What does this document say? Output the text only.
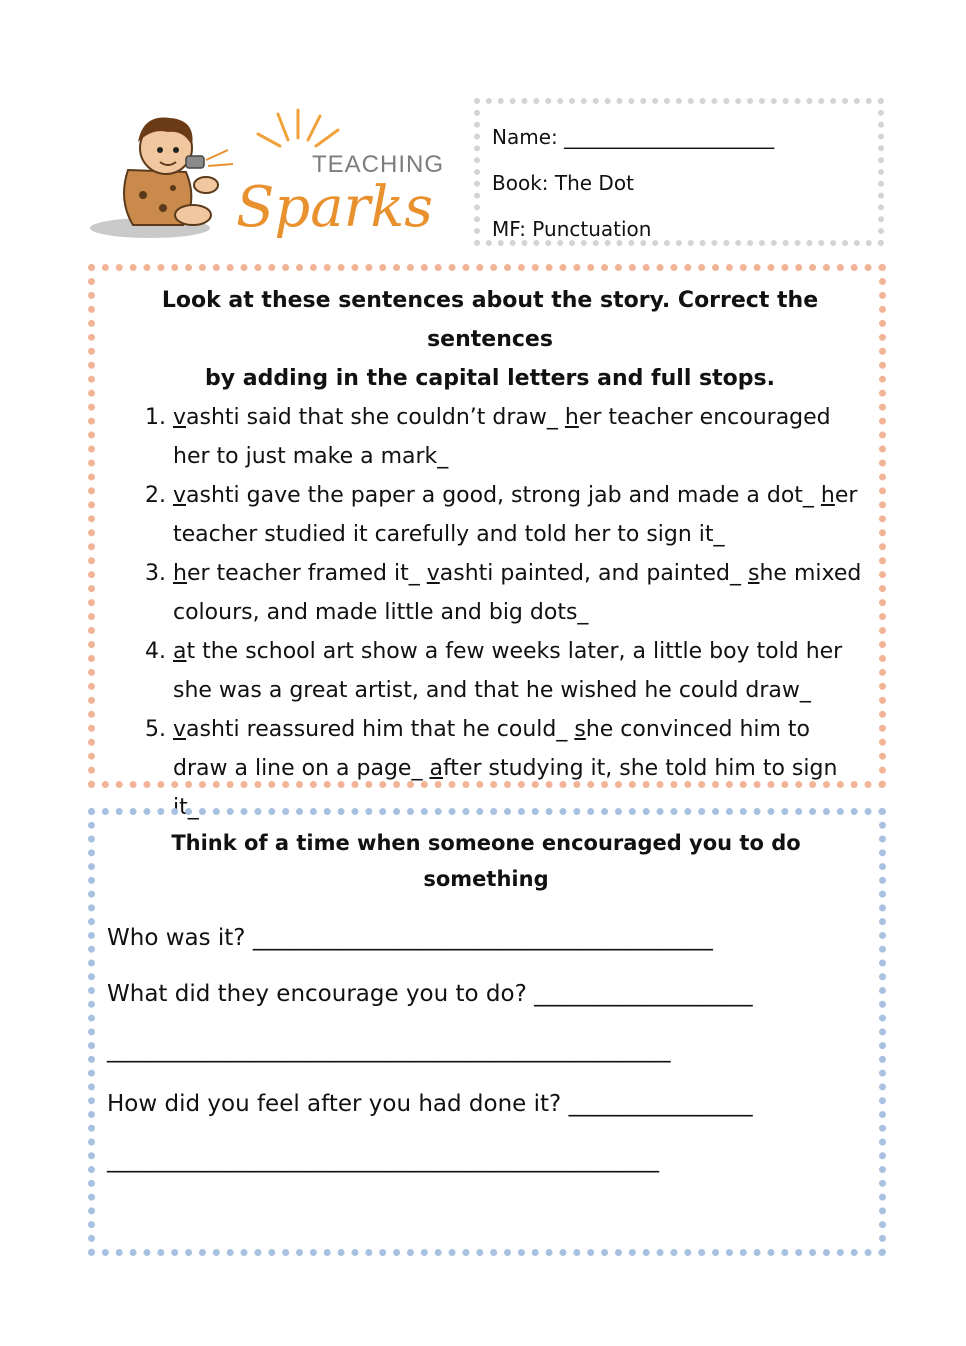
TEACHING
Sparks
Name: _____________________
Book: The Dot
MF: Punctuation

Look at these sentences about the story. Correct the sentences
by adding in the capital letters and full stops.

1. vashti said that she couldn’t draw_ her teacher encouraged her to just make a mark_
2. vashti gave the paper a good, strong jab and made a dot_ her teacher studied it carefully and told her to sign it_
3. her teacher framed it_ vashti painted, and painted_ she mixed colours, and made little and big dots_
4. at the school art show a few weeks later, a little boy told her she was a great artist, and that he wished he could draw_
5. vashti reassured him that he could_ she convinced him to draw a line on a page_ after studying it, she told him to sign it_

Think of a time when someone encouraged you to do something

Who was it? ________________________________________
What did they encourage you to do? ___________________
_________________________________________________
How did you feel after you had done it? ________________
________________________________________________
